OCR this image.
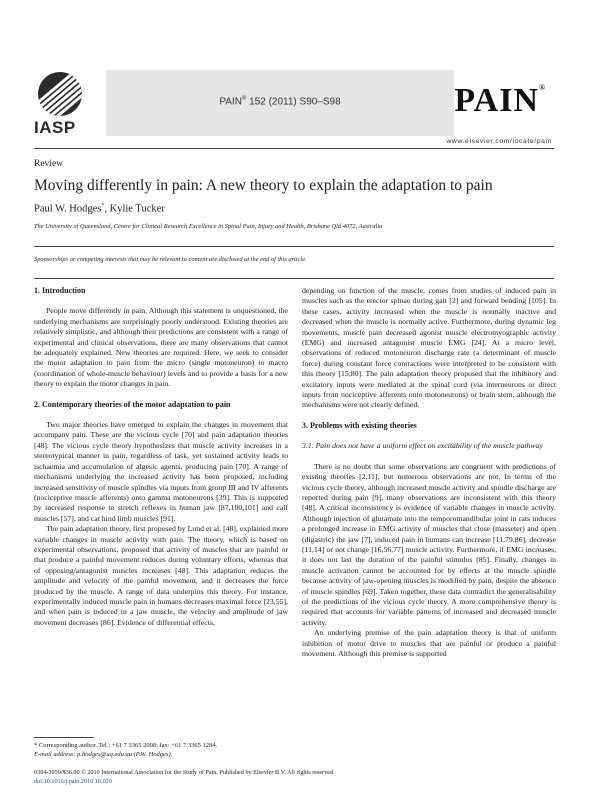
IASP
PAIN® 152 (2011) S90–S98	PAIN®
www.elsevier.com/locate/pain
Review
Moving differently in pain: A new theory to explain the adaptation to pain
Paul W. Hodges*, Kylie Tucker
The University of Queensland, Centre for Clinical Research Excellence in Spinal Pain, Injury and Health, Brisbane Qld 4072, Australia
Sponsorships or competing interests that may be relevant to content are disclosed at the end of this article.
1. Introduction

People move differently in pain. Although this statement is unquestioned, the underlying mechanisms are surprisingly poorly understood. Existing theories are relatively simplistic, and although their predictions are consistent with a range of experimental and clinical observations, there are many observations that cannot be adequately explained. New theories are required. Here, we seek to consider the motor adaptation to pain from the micro (single motoneuron) to macro (coordination of whole-muscle behaviour) levels and to provide a basis for a new theory to explain the motor changes in pain.

2. Contemporary theories of the motor adaptation to pain

Two major theories have emerged to explain the changes in movement that accompany pain. These are the vicious cycle [70] and pain adaptation theories [48]. The vicious cycle theory hypothesizes that muscle activity increases in a stereotypical manner in pain, regardless of task, yet sustained activity leads to ischaemia and accumulation of algesic agents, producing pain [70]. A range of mechanisms underlying the increased activity has been proposed, including increased sensitivity of muscle spindles via inputs from group III and IV afferents (nociceptive muscle afferents) onto gamma motoneurons [39]. This is supported by increased response to stretch reflexes in human jaw [87,100,101] and calf muscles [57], and cat hind limb muscles [91].

The pain adaptation theory, first proposed by Lund et al. [48], explained more variable changes in muscle activity with pain. The theory, which is based on experimental observations, proposed that activity of muscles that are painful or that produce a painful movement reduces during voluntary efforts, whereas that of opposing/antagonist muscles increases [48]. This adaptation reduces the amplitude and velocity of the painful movement, and it decreases the force produced by the muscle. A range of data underpins this theory. For instance, experimentally induced muscle pain in humans decreases maximal force [23,55], and when pain is induced in a jaw muscle, the velocity and amplitude of jaw movement decreases [86]. Evidence of differential effects,

depending on function of the muscle, comes from studies of induced pain in muscles such as the erector spinae during gait [2] and forward bending [105]. In these cases, activity increased when the muscle is normally inactive and decreased when the muscle is normally active. Furthermore, during dynamic leg movements, muscle pain decreased agonist muscle electromyographic activity (EMG) and increased antagonist muscle EMG [24]. At a micro level, observations of reduced motoneuron discharge rate (a determinant of muscle force) during constant force contractions were interpreted to be consistent with this theory [15,80]. The pain adaptation theory proposed that the inhibitory and excitatory inputs were mediated at the spinal cord (via interneurons or direct inputs from nociceptive afferents onto motoneurons) or brain stem, although the mechanisms were not clearly defined.

3. Problems with existing theories
3.1. Pain does not have a uniform effect on excitability of the muscle pathway

There is no doubt that some observations are congruent with predictions of existing theories [2,11], but numerous observations are not. In terms of the vicious cycle theory, although increased muscle activity and spindle discharge are reported during pain [9], many observations are inconsistent with this theory [48]. A critical inconsistency is evidence of variable changes in muscle activity. Although injection of glutamate into the temporomandibular joint in rats induces a prolonged increase in EMG activity of muscles that close (masseter) and open (digastric) the jaw [7], induced pain in humans can increase [11,79,86], decrease [11,14] or not change [16,56,77] muscle activity. Furthermore, if EMG increases, it does not last the duration of the painful stimulus [85]. Finally, changes in muscle activation cannot be accounted for by effects at the muscle spindle because activity of jaw-opening muscles is modified by pain, despite the absence of muscle spindles [69]. Taken together, these data contradict the generalisability of the predictions of the vicious cycle theory. A more comprehensive theory is required that accounts for variable patterns of increased and decreased muscle activity.

An underlying premise of the pain adaptation theory is that of uniform inhibition of motor drive to muscles that are painful or produce a painful movement. Although this premise is supported

* Corresponding author. Tel.: +61 7 3365 2008; fax: +61 7 3365 1284.
E-mail address: p.hodges@uq.edu.au (P.W. Hodges).
0304-3959/$36.00 © 2010 International Association for the Study of Pain. Published by Elsevier B.V. All rights reserved.
doi:10.1016/j.pain.2010.10.020
